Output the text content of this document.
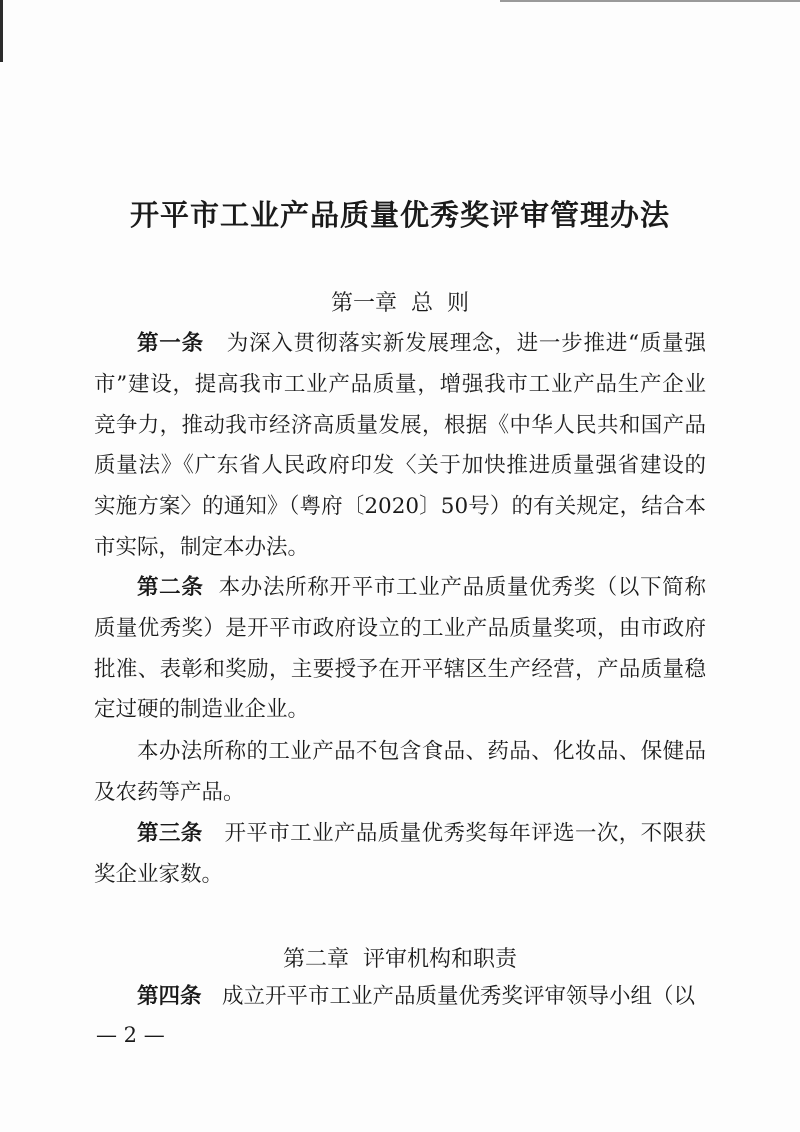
开平市工业产品质量优秀奖评审管理办法
第一章  总  则

第一条 为深入贯彻落实新发展理念，进一步推进“质量强市”建设，提高我市工业产品质量，增强我市工业产品生产企业竞争力，推动我市经济高质量发展，根据《中华人民共和国产品质量法》《广东省人民政府印发〈关于加快推进质量强省建设的实施方案〉的通知》（粤府〔2020〕50号）的有关规定，结合本市实际，制定本办法。

第二条 本办法所称开平市工业产品质量优秀奖（以下简称质量优秀奖）是开平市政府设立的工业产品质量奖项，由市政府批准、表彰和奖励，主要授予在开平辖区生产经营，产品质量稳定过硬的制造业企业。

本办法所称的工业产品不包含食品、药品、化妆品、保健品及农药等产品。

第三条 开平市工业产品质量优秀奖每年评选一次，不限获奖企业家数。

第二章  评审机构和职责

第四条 成立开平市工业产品质量优秀奖评审领导小组（以

— 2 —
